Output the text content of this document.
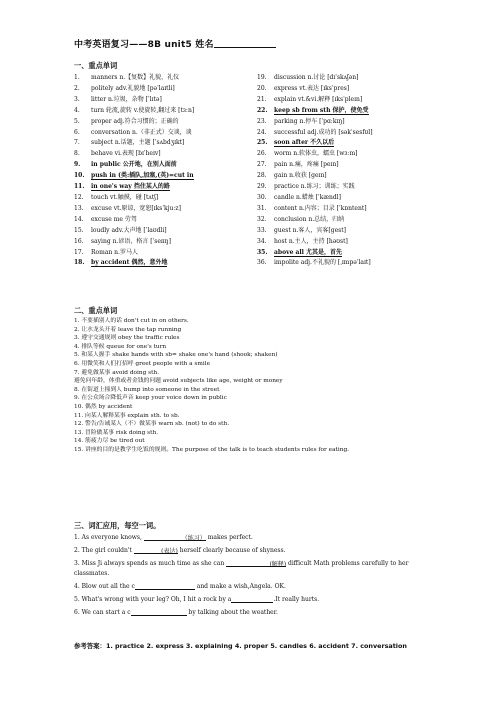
中考英语复习——8B unit5 姓名
一、重点单词
1. manners n.【复数】礼貌，礼仪
2. politely adv.礼貌地 [pəˈlaɪtli]
3. litter n.垃圾，杂物 [ˈlɪtə]
4. turn 轮流,旋转 v.使旋转,翻过来 [tɜːn]
5. proper adj.符合习惯的；正确的
6. conversation n.（非正式）交谈，谈
7. subject n.话题，主题 [ˈsʌbdʒɪkt]
8. behave vi.表现 [bɪˈheɪv]
9. in public 公开地，在别人面前
10. push in (类:插队,加塞,(英)=cut in
11. in one's way 挡住某人的路
12. touch vt.触摸，碰 [tʌtʃ]
13. excuse vt.原谅，宽恕[ɪksˈkjuːz]
14. excuse me 劳驾
15. loudly adv.大声地 [ˈlaʊdli]
16. saying n.谚语，格言 [ˈseɪɪŋ]
17. Roman n.罗马人
18. by accident 偶然，意外地
19. discussion n.讨论 [dɪˈskʌʃən]
20. express vt.表达 [ɪksˈpres]
21. explain vt.&vi.解释 [ɪksˈpleɪn]
22. keep sb from sth 保护，使免受
23. parking n.停车 [ˈpɑːkɪŋ]
24. successful adj.成功的 [səkˈsesfʊl]
25. soon after 不久以后
26. worm n.软体虫，蠕虫 [wɜːm]
27. pain n.痛，疼痛 [peɪn]
28. gain n.收获 [geɪn]
29. practice n.练习；训练；实践
30. candle n.蜡烛 [ˈkændl]
31. content n.内容；目录 [ˈkɒntent]
32. conclusion n.总结，归纳
33. guest n.客人，宾客[gest]
34. host n.主人，主持 [həʊst]
35. above all 尤其是，首先
36. impolite adj.不礼貌的 [ˌɪmpəˈlaɪt]
二、重点单词
1. 不要插别人的话 don't cut in on others.
2. 让水龙头开着 leave the tap running
3. 遵守交通规则 obey the traffic rules
4. 排队等候 queue for one's turn
5. 和某人握手 shake hands with sb= shake one's hand (shook; shaken)
6. 用微笑和人们打招呼 greet people with a smile
7. 避免做某事 avoid doing sth.
避免问年龄，体重或者金钱的问题 avoid subjects like age, weight or money
8. 在街道上撞到人 bump into someone in the street
9. 在公众场合降低声音 keep your voice down in public
10. 偶然 by accident
11. 向某人解释某事 explain sth. to sb.
12. 警告/告诫某人（不）做某事 warn sb. (not) to do sth.
13. 冒险做某事 risk doing sth.
14. 筋疲力尽 be tired out
15. 讲座的目的是教学生吃饭的规则。The purpose of the talk is to teach students rules for eating.
三、词汇应用，每空一词。
1. As everyone knows,	（练习） makes perfect.
2. The girl couldn't	(表达) herself clearly because of shyness.
3. Miss Ji always spends as much time as she can	(解释) difficult Math problems carefully to her classmates.
4. Blow out all the c	and make a wish,Angela. OK.
5. What's wrong with your leg? Oh, I hit a rock by a	.It really hurts.
6. We can start a c	by talking about the weather.
参考答案：1. practice 2. express 3. explaining 4. proper 5. candles 6. accident 7. conversation
